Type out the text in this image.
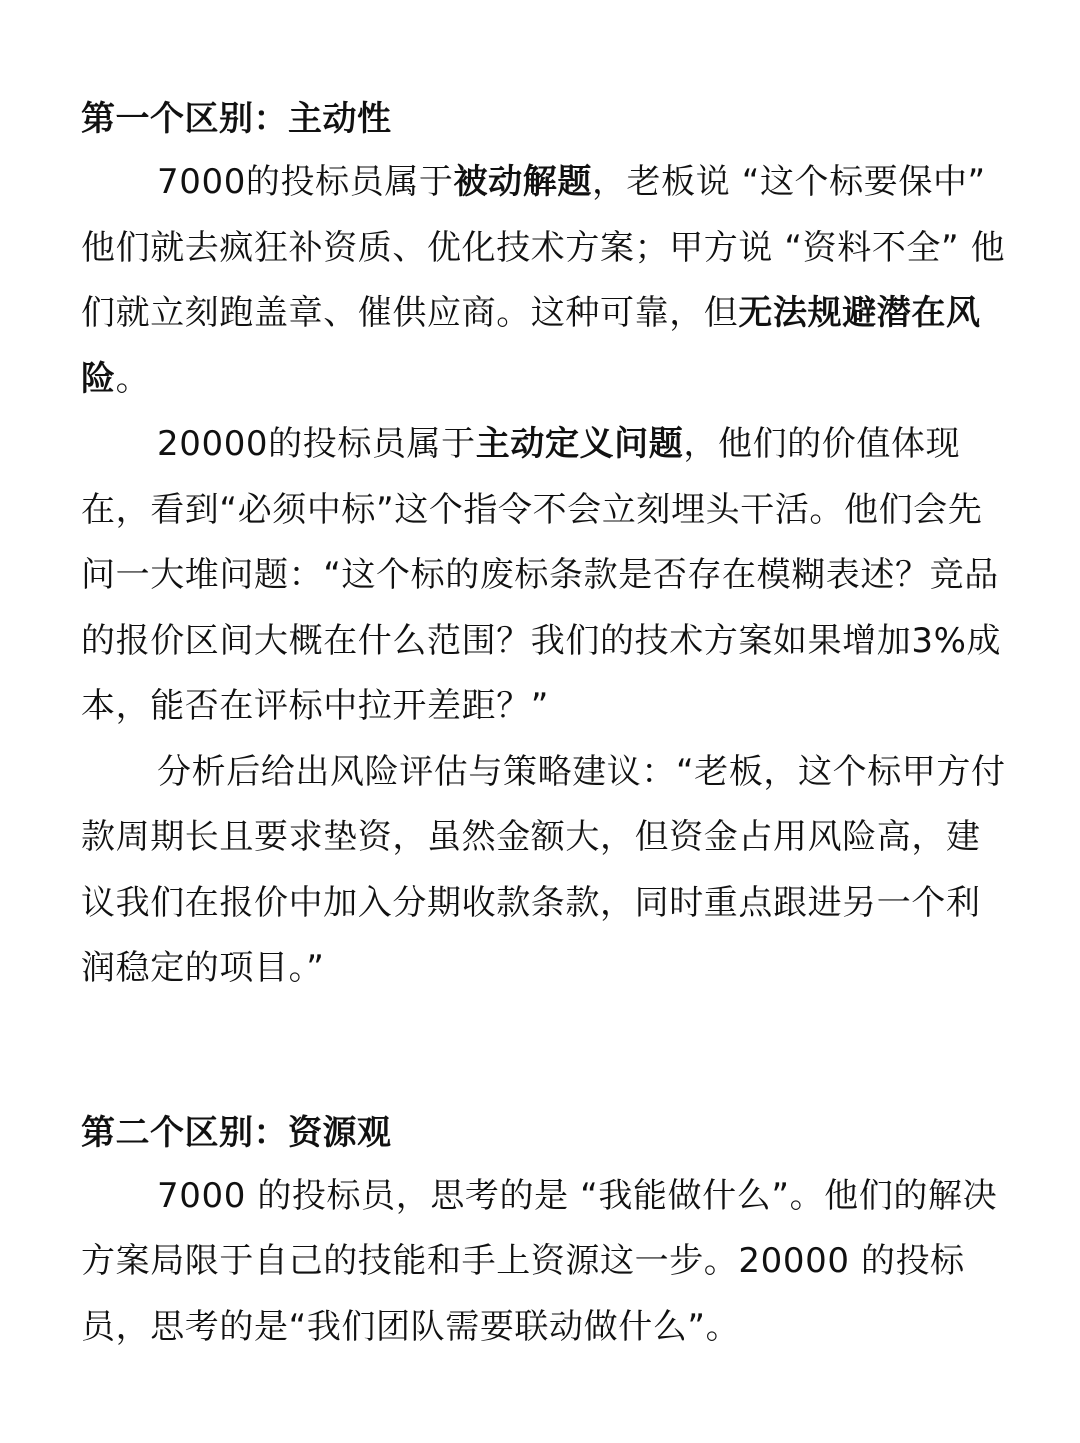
第一个区别：主动性

7000的投标员属于被动解题，老板说 “这个标要保中” 他们就去疯狂补资质、优化技术方案；甲方说 “资料不全” 他们就立刻跑盖章、催供应商。这种可靠，但无法规避潜在风险。

20000的投标员属于主动定义问题，他们的价值体现在，看到“必须中标”这个指令不会立刻埋头干活。他们会先问一大堆问题：“这个标的废标条款是否存在模糊表述？竞品的报价区间大概在什么范围？我们的技术方案如果增加3%成本，能否在评标中拉开差距？”

分析后给出风险评估与策略建议：“老板，这个标甲方付款周期长且要求垫资，虽然金额大，但资金占用风险高，建议我们在报价中加入分期收款条款，同时重点跟进另一个利润稳定的项目。”

第二个区别：资源观

7000 的投标员，思考的是 “我能做什么”。他们的解决方案局限于自己的技能和手上资源这一步。20000 的投标员，思考的是“我们团队需要联动做什么”。
